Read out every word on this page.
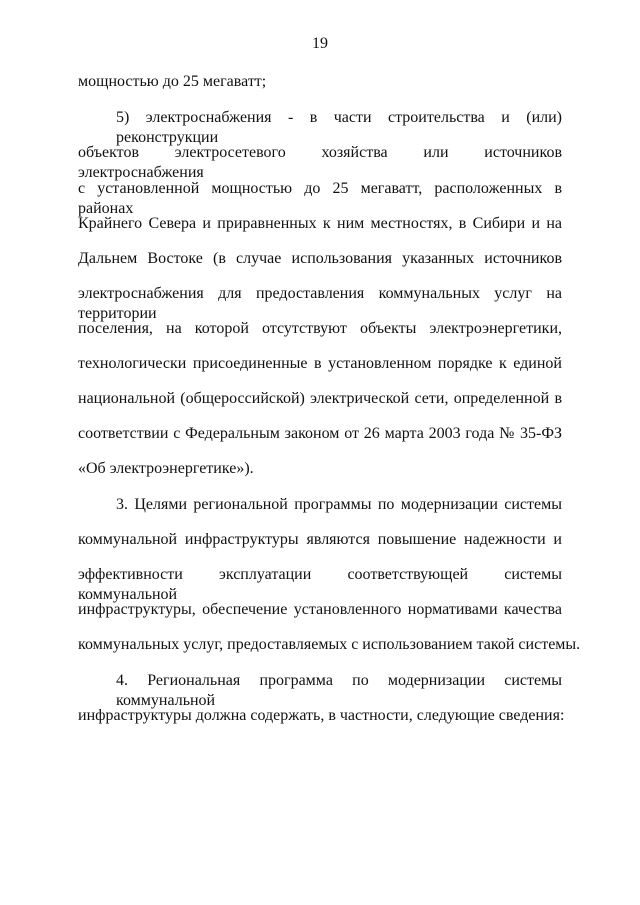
19
мощностью до 25 мегаватт;
5) электроснабжения - в части строительства и (или) реконструкции
объектов электросетевого хозяйства или источников электроснабжения
с установленной мощностью до 25 мегаватт, расположенных в районах
Крайнего Севера и приравненных к ним местностях, в Сибири и на
Дальнем Востоке (в случае использования указанных источников
электроснабжения для предоставления коммунальных услуг на территории
поселения, на которой отсутствуют объекты электроэнергетики,
технологически присоединенные в установленном порядке к единой
национальной (общероссийской) электрической сети, определенной в
соответствии с Федеральным законом от 26 марта 2003 года № 35-ФЗ
«Об электроэнергетике»).
3. Целями региональной программы по модернизации системы
коммунальной инфраструктуры являются повышение надежности и
эффективности эксплуатации соответствующей системы коммунальной
инфраструктуры, обеспечение установленного нормативами качества
коммунальных услуг, предоставляемых с использованием такой системы.
4. Региональная программа по модернизации системы коммунальной
инфраструктуры должна содержать, в частности, следующие сведения:
